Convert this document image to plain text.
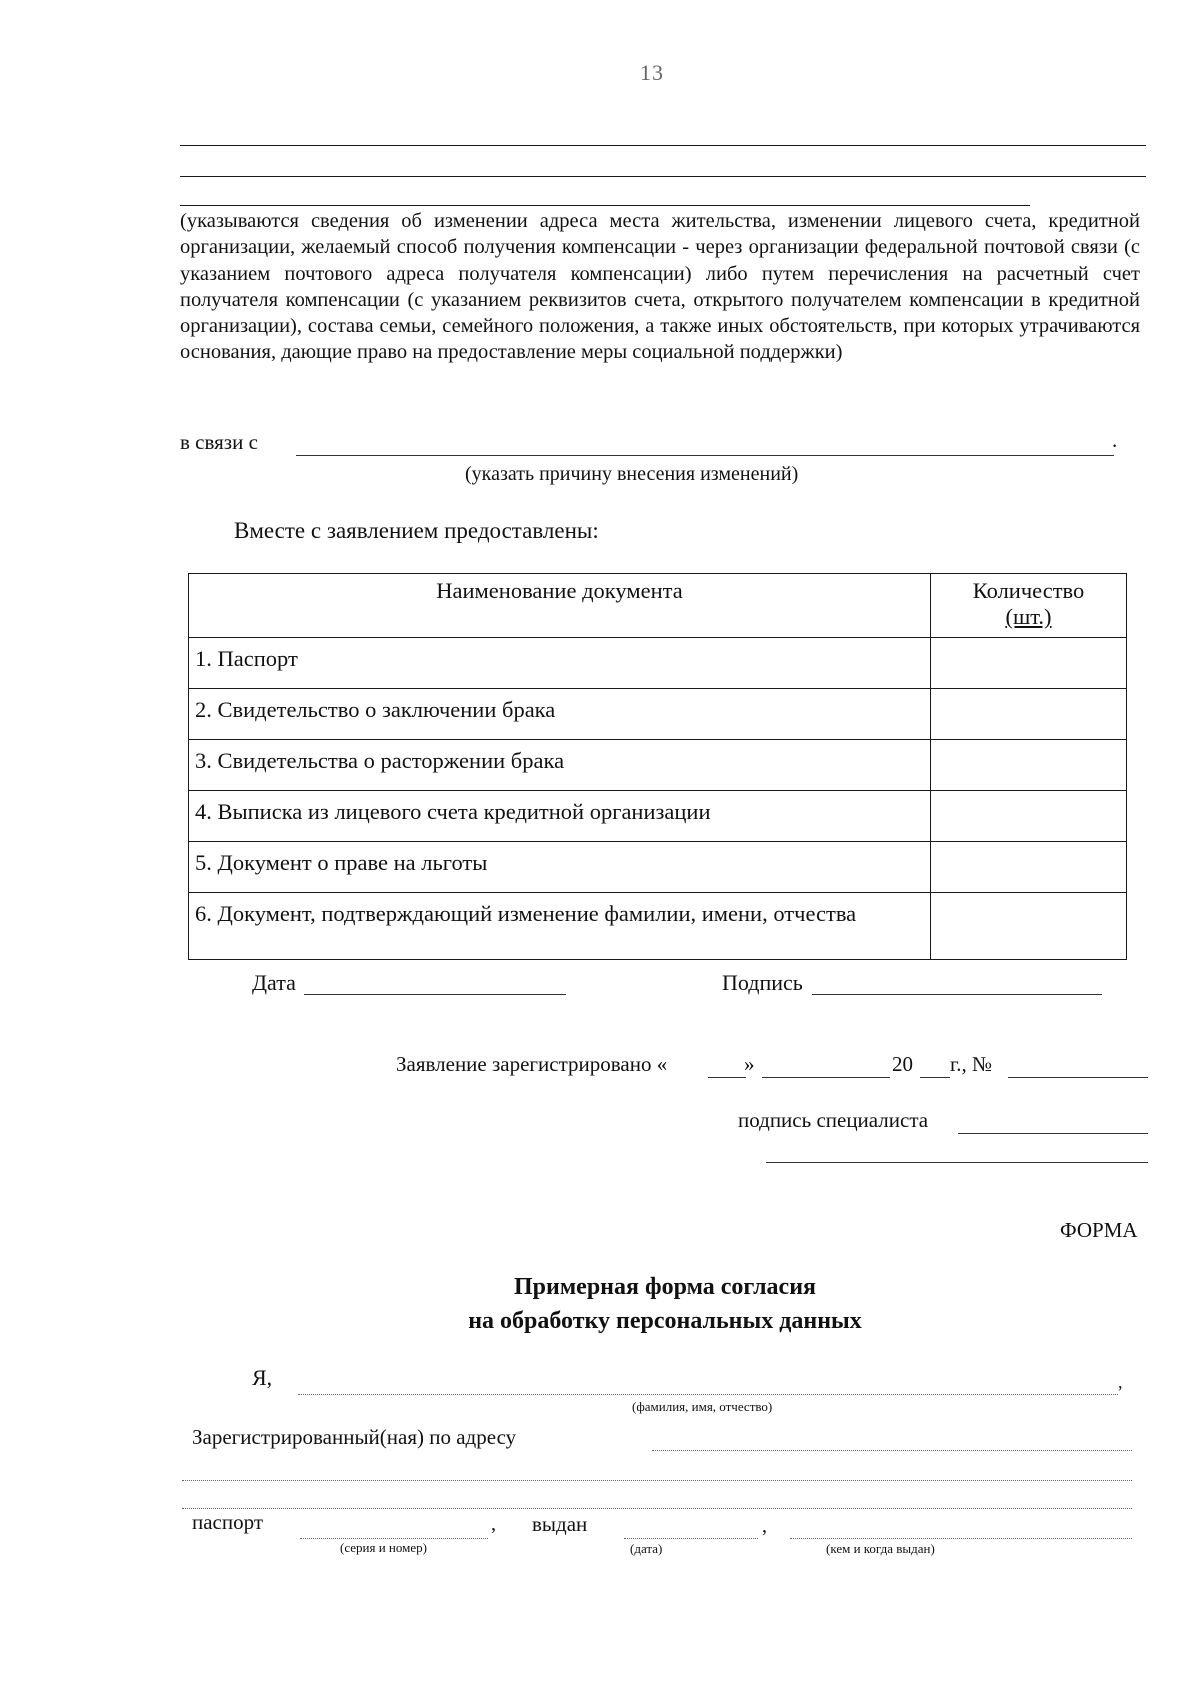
13
(указываются сведения об изменении адреса места жительства, изменении лицевого счета, кредитной организации, желаемый способ получения компенсации - через организации федеральной почтовой связи (с указанием почтового адреса получателя компенсации) либо путем перечисления на расчетный счет получателя компенсации (с указанием реквизитов счета, открытого получателем компенсации в кредитной организации), состава семьи, семейного положения, а также иных обстоятельств, при которых утрачиваются основания, дающие право на предоставление меры социальной поддержки)
в связи с	.
(указать причину внесения изменений)
Вместе с заявлением предоставлены:
Наименование документа	Количество
(шт.)
1. Паспорт	
2. Свидетельство о заключении брака	
3. Свидетельства о расторжении брака	
4. Выписка из лицевого счета кредитной организации	
5. Документ о праве на льготы	
6. Документ, подтверждающий изменение фамилии, имени, отчества	
Дата	Подпись
Заявление зарегистрировано «	»	20 г., №
подпись специалиста
ФОРМА
Примерная форма согласия
на обработку персональных данных
Я,	,
(фамилия, имя, отчество)
Зарегистрированный(ная) по адресу
паспорт	, выдан	,
(серия и номер)	(дата)	(кем и когда выдан)
